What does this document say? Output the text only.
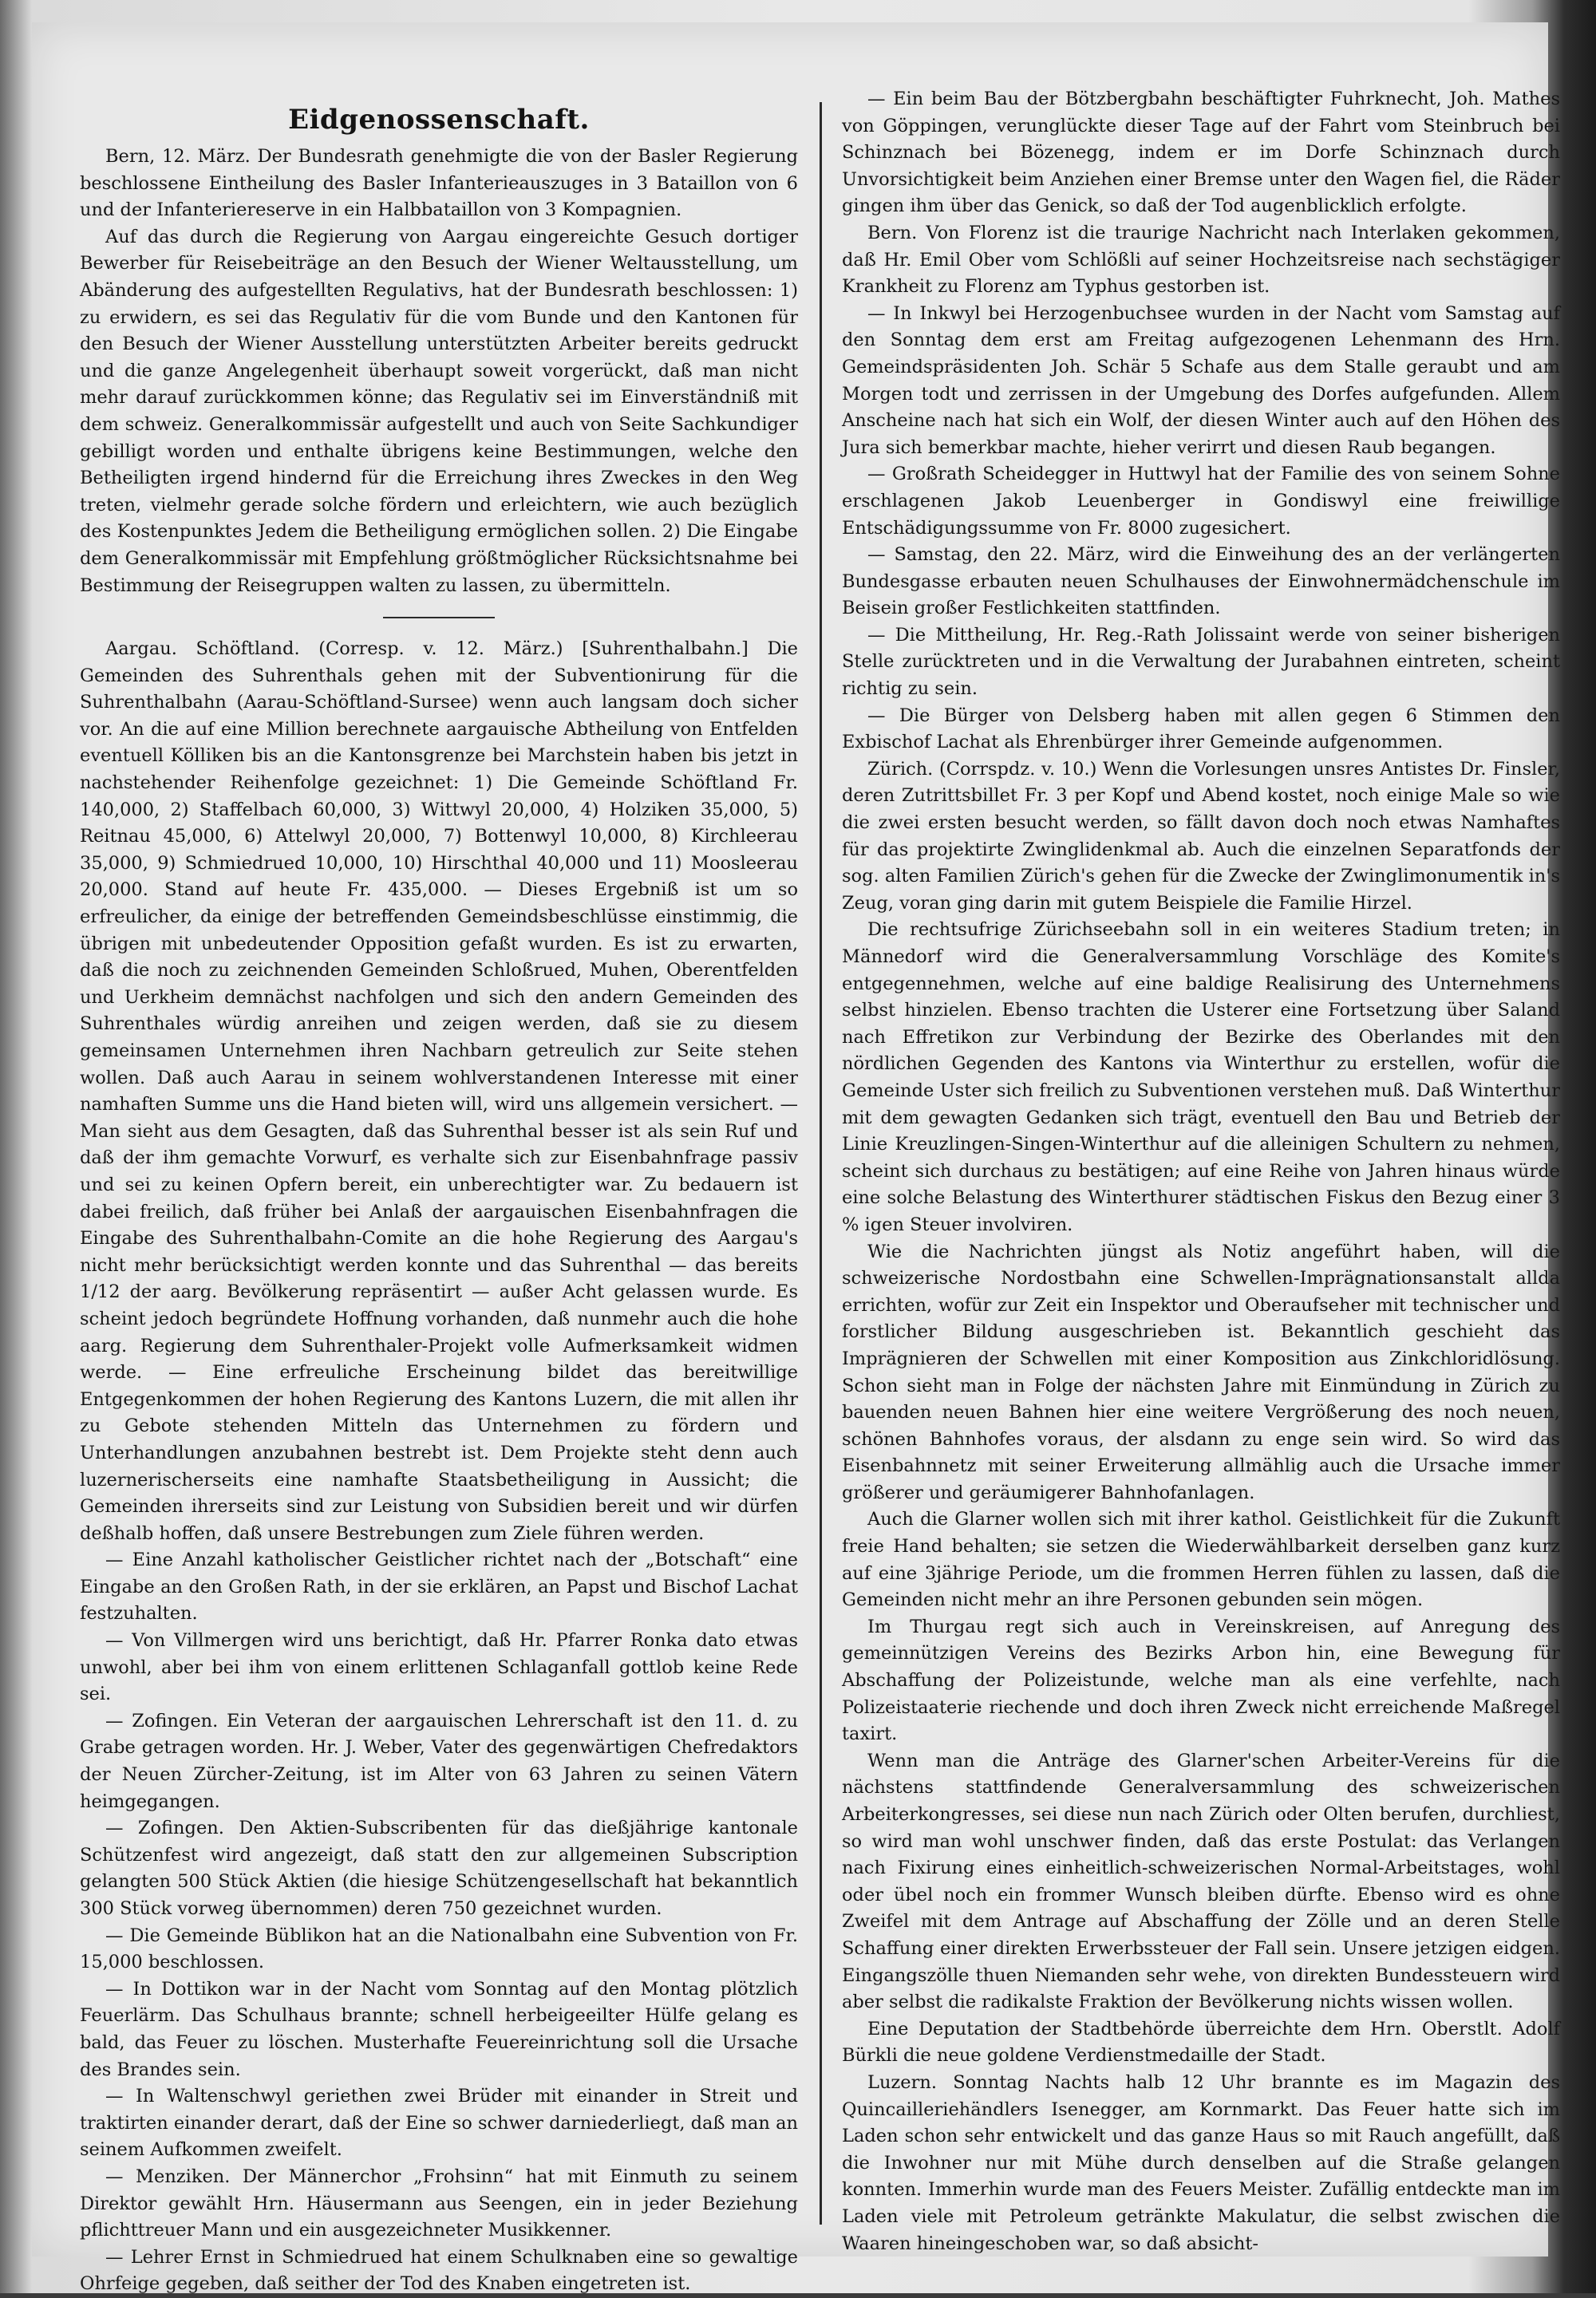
Eidgenossenschaft.

Bern, 12. März. Der Bundesrath genehmigte die von der Basler Regierung beschlossene Eintheilung des Basler Infanterieauszuges in 3 Bataillon von 6 und der Infanteriereserve in ein Halbbataillon von 3 Kompagnien.

Auf das durch die Regierung von Aargau eingereichte Gesuch dortiger Bewerber für Reisebeiträge an den Besuch der Wiener Weltausstellung, um Abänderung des aufgestellten Regulativs, hat der Bundesrath beschlossen: 1) zu erwidern, es sei das Regulativ für die vom Bunde und den Kantonen für den Besuch der Wiener Ausstellung unterstützten Arbeiter bereits gedruckt und die ganze Angelegenheit überhaupt soweit vorgerückt, daß man nicht mehr darauf zurückkommen könne; das Regulativ sei im Einverständniß mit dem schweiz. Generalkommissär aufgestellt und auch von Seite Sachkundiger gebilligt worden und enthalte übrigens keine Bestimmungen, welche den Betheiligten irgend hindernd für die Erreichung ihres Zweckes in den Weg treten, vielmehr gerade solche fördern und erleichtern, wie auch bezüglich des Kostenpunktes Jedem die Betheiligung ermöglichen sollen. 2) Die Eingabe dem Generalkommissär mit Empfehlung größtmöglicher Rücksichtsnahme bei Bestimmung der Reisegruppen walten zu lassen, zu übermitteln.

Aargau. Schöftland. (Corresp. v. 12. März.) [Suhrenthalbahn.] Die Gemeinden des Suhrenthals gehen mit der Subventionirung für die Suhrenthalbahn (Aarau-Schöftland-Sursee) wenn auch langsam doch sicher vor. An die auf eine Million berechnete aargauische Abtheilung von Entfelden eventuell Kölliken bis an die Kantonsgrenze bei Marchstein haben bis jetzt in nachstehender Reihenfolge gezeichnet: 1) Die Gemeinde Schöftland Fr. 140,000, 2) Staffelbach 60,000, 3) Wittwyl 20,000, 4) Holziken 35,000, 5) Reitnau 45,000, 6) Attelwyl 20,000, 7) Bottenwyl 10,000, 8) Kirchleerau 35,000, 9) Schmiedrued 10,000, 10) Hirschthal 40,000 und 11) Moosleerau 20,000. Stand auf heute Fr. 435,000. — Dieses Ergebniß ist um so erfreulicher, da einige der betreffenden Gemeindsbeschlüsse einstimmig, die übrigen mit unbedeutender Opposition gefaßt wurden. Es ist zu erwarten, daß die noch zu zeichnenden Gemeinden Schloßrued, Muhen, Oberentfelden und Uerkheim demnächst nachfolgen und sich den andern Gemeinden des Suhrenthales würdig anreihen und zeigen werden, daß sie zu diesem gemeinsamen Unternehmen ihren Nachbarn getreulich zur Seite stehen wollen. Daß auch Aarau in seinem wohlverstandenen Interesse mit einer namhaften Summe uns die Hand bieten will, wird uns allgemein versichert. — Man sieht aus dem Gesagten, daß das Suhrenthal besser ist als sein Ruf und daß der ihm gemachte Vorwurf, es verhalte sich zur Eisenbahnfrage passiv und sei zu keinen Opfern bereit, ein unberechtigter war. Zu bedauern ist dabei freilich, daß früher bei Anlaß der aargauischen Eisenbahnfragen die Eingabe des Suhrenthalbahn-Comite an die hohe Regierung des Aargau's nicht mehr berücksichtigt werden konnte und das Suhrenthal — das bereits 1/12 der aarg. Bevölkerung repräsentirt — außer Acht gelassen wurde. Es scheint jedoch begründete Hoffnung vorhanden, daß nunmehr auch die hohe aarg. Regierung dem Suhrenthaler-Projekt volle Aufmerksamkeit widmen werde. — Eine erfreuliche Erscheinung bildet das bereitwillige Entgegenkommen der hohen Regierung des Kantons Luzern, die mit allen ihr zu Gebote stehenden Mitteln das Unternehmen zu fördern und Unterhandlungen anzubahnen bestrebt ist. Dem Projekte steht denn auch luzernerischerseits eine namhafte Staatsbetheiligung in Aussicht; die Gemeinden ihrerseits sind zur Leistung von Subsidien bereit und wir dürfen deßhalb hoffen, daß unsere Bestrebungen zum Ziele führen werden.

— Eine Anzahl katholischer Geistlicher richtet nach der „Botschaft“ eine Eingabe an den Großen Rath, in der sie erklären, an Papst und Bischof Lachat festzuhalten.

— Von Villmergen wird uns berichtigt, daß Hr. Pfarrer Ronka dato etwas unwohl, aber bei ihm von einem erlittenen Schlaganfall gottlob keine Rede sei.

— Zofingen. Ein Veteran der aargauischen Lehrerschaft ist den 11. d. zu Grabe getragen worden. Hr. J. Weber, Vater des gegenwärtigen Chefredaktors der Neuen Zürcher-Zeitung, ist im Alter von 63 Jahren zu seinen Vätern heimgegangen.

— Zofingen. Den Aktien-Subscribenten für das dießjährige kantonale Schützenfest wird angezeigt, daß statt den zur allgemeinen Subscription gelangten 500 Stück Aktien (die hiesige Schützengesellschaft hat bekanntlich 300 Stück vorweg übernommen) deren 750 gezeichnet wurden.

— Die Gemeinde Büblikon hat an die Nationalbahn eine Subvention von Fr. 15,000 beschlossen.

— In Dottikon war in der Nacht vom Sonntag auf den Montag plötzlich Feuerlärm. Das Schulhaus brannte; schnell herbeigeeilter Hülfe gelang es bald, das Feuer zu löschen. Musterhafte Feuereinrichtung soll die Ursache des Brandes sein.

— In Waltenschwyl geriethen zwei Brüder mit einander in Streit und traktirten einander derart, daß der Eine so schwer darniederliegt, daß man an seinem Aufkommen zweifelt.

— Menziken. Der Männerchor „Frohsinn“ hat mit Einmuth zu seinem Direktor gewählt Hrn. Häusermann aus Seengen, ein in jeder Beziehung pflichttreuer Mann und ein ausgezeichneter Musikkenner.

— Lehrer Ernst in Schmiedrued hat einem Schulknaben eine so gewaltige Ohrfeige gegeben, daß seither der Tod des Knaben eingetreten ist.

— Ein beim Bau der Bötzbergbahn beschäftigter Fuhrknecht, Joh. Mathes von Göppingen, verunglückte dieser Tage auf der Fahrt vom Steinbruch bei Schinznach bei Bözenegg, indem er im Dorfe Schinznach durch Unvorsichtigkeit beim Anziehen einer Bremse unter den Wagen fiel, die Räder gingen ihm über das Genick, so daß der Tod augenblicklich erfolgte.

Bern. Von Florenz ist die traurige Nachricht nach Interlaken gekommen, daß Hr. Emil Ober vom Schlößli auf seiner Hochzeitsreise nach sechstägiger Krankheit zu Florenz am Typhus gestorben ist.

— In Inkwyl bei Herzogenbuchsee wurden in der Nacht vom Samstag auf den Sonntag dem erst am Freitag aufgezogenen Lehenmann des Hrn. Gemeindspräsidenten Joh. Schär 5 Schafe aus dem Stalle geraubt und am Morgen todt und zerrissen in der Umgebung des Dorfes aufgefunden. Allem Anscheine nach hat sich ein Wolf, der diesen Winter auch auf den Höhen des Jura sich bemerkbar machte, hieher verirrt und diesen Raub begangen.

— Großrath Scheidegger in Huttwyl hat der Familie des von seinem Sohne erschlagenen Jakob Leuenberger in Gondiswyl eine freiwillige Entschädigungssumme von Fr. 8000 zugesichert.

— Samstag, den 22. März, wird die Einweihung des an der verlängerten Bundesgasse erbauten neuen Schulhauses der Einwohnermädchenschule im Beisein großer Festlichkeiten stattfinden.

— Die Mittheilung, Hr. Reg.-Rath Jolissaint werde von seiner bisherigen Stelle zurücktreten und in die Verwaltung der Jurabahnen eintreten, scheint richtig zu sein.

— Die Bürger von Delsberg haben mit allen gegen 6 Stimmen den Exbischof Lachat als Ehrenbürger ihrer Gemeinde aufgenommen.

Zürich. (Corrspdz. v. 10.) Wenn die Vorlesungen unsres Antistes Dr. Finsler, deren Zutrittsbillet Fr. 3 per Kopf und Abend kostet, noch einige Male so wie die zwei ersten besucht werden, so fällt davon doch noch etwas Namhaftes für das projektirte Zwinglidenkmal ab. Auch die einzelnen Separatfonds der sog. alten Familien Zürich's gehen für die Zwecke der Zwinglimonumentik in's Zeug, voran ging darin mit gutem Beispiele die Familie Hirzel.

Die rechtsufrige Zürichseebahn soll in ein weiteres Stadium treten; in Männedorf wird die Generalversammlung Vorschläge des Komite's entgegennehmen, welche auf eine baldige Realisirung des Unternehmens selbst hinzielen. Ebenso trachten die Usterer eine Fortsetzung über Saland nach Effretikon zur Verbindung der Bezirke des Oberlandes mit den nördlichen Gegenden des Kantons via Winterthur zu erstellen, wofür die Gemeinde Uster sich freilich zu Subventionen verstehen muß. Daß Winterthur mit dem gewagten Gedanken sich trägt, eventuell den Bau und Betrieb der Linie Kreuzlingen-Singen-Winterthur auf die alleinigen Schultern zu nehmen, scheint sich durchaus zu bestätigen; auf eine Reihe von Jahren hinaus würde eine solche Belastung des Winterthurer städtischen Fiskus den Bezug einer 3 % igen Steuer involviren.

Wie die Nachrichten jüngst als Notiz angeführt haben, will die schweizerische Nordostbahn eine Schwellen-Imprägnationsanstalt allda errichten, wofür zur Zeit ein Inspektor und Oberaufseher mit technischer und forstlicher Bildung ausgeschrieben ist. Bekanntlich geschieht das Imprägnieren der Schwellen mit einer Komposition aus Zinkchloridlösung. Schon sieht man in Folge der nächsten Jahre mit Einmündung in Zürich zu bauenden neuen Bahnen hier eine weitere Vergrößerung des noch neuen, schönen Bahnhofes voraus, der alsdann zu enge sein wird. So wird das Eisenbahnnetz mit seiner Erweiterung allmählig auch die Ursache immer größerer und geräumigerer Bahnhofanlagen.

Auch die Glarner wollen sich mit ihrer kathol. Geistlichkeit für die Zukunft freie Hand behalten; sie setzen die Wiederwählbarkeit derselben ganz kurz auf eine 3jährige Periode, um die frommen Herren fühlen zu lassen, daß die Gemeinden nicht mehr an ihre Personen gebunden sein mögen.

Im Thurgau regt sich auch in Vereinskreisen, auf Anregung des gemeinnützigen Vereins des Bezirks Arbon hin, eine Bewegung für Abschaffung der Polizeistunde, welche man als eine verfehlte, nach Polizeistaaterie riechende und doch ihren Zweck nicht erreichende Maßregel taxirt.

Wenn man die Anträge des Glarner'schen Arbeiter-Vereins für die nächstens stattfindende Generalversammlung des schweizerischen Arbeiterkongresses, sei diese nun nach Zürich oder Olten berufen, durchliest, so wird man wohl unschwer finden, daß das erste Postulat: das Verlangen nach Fixirung eines einheitlich-schweizerischen Normal-Arbeitstages, wohl oder übel noch ein frommer Wunsch bleiben dürfte. Ebenso wird es ohne Zweifel mit dem Antrage auf Abschaffung der Zölle und an deren Stelle Schaffung einer direkten Erwerbssteuer der Fall sein. Unsere jetzigen eidgen. Eingangszölle thuen Niemanden sehr wehe, von direkten Bundessteuern wird aber selbst die radikalste Fraktion der Bevölkerung nichts wissen wollen.

Eine Deputation der Stadtbehörde überreichte dem Hrn. Oberstlt. Adolf Bürkli die neue goldene Verdienstmedaille der Stadt.

Luzern. Sonntag Nachts halb 12 Uhr brannte es im Magazin des Quincailleriehändlers Isenegger, am Kornmarkt. Das Feuer hatte sich im Laden schon sehr entwickelt und das ganze Haus so mit Rauch angefüllt, daß die Inwohner nur mit Mühe durch denselben auf die Straße gelangen konnten. Immerhin wurde man des Feuers Meister. Zufällig entdeckte man im Laden viele mit Petroleum getränkte Makulatur, die selbst zwischen die Waaren hineingeschoben war, so daß absicht-
